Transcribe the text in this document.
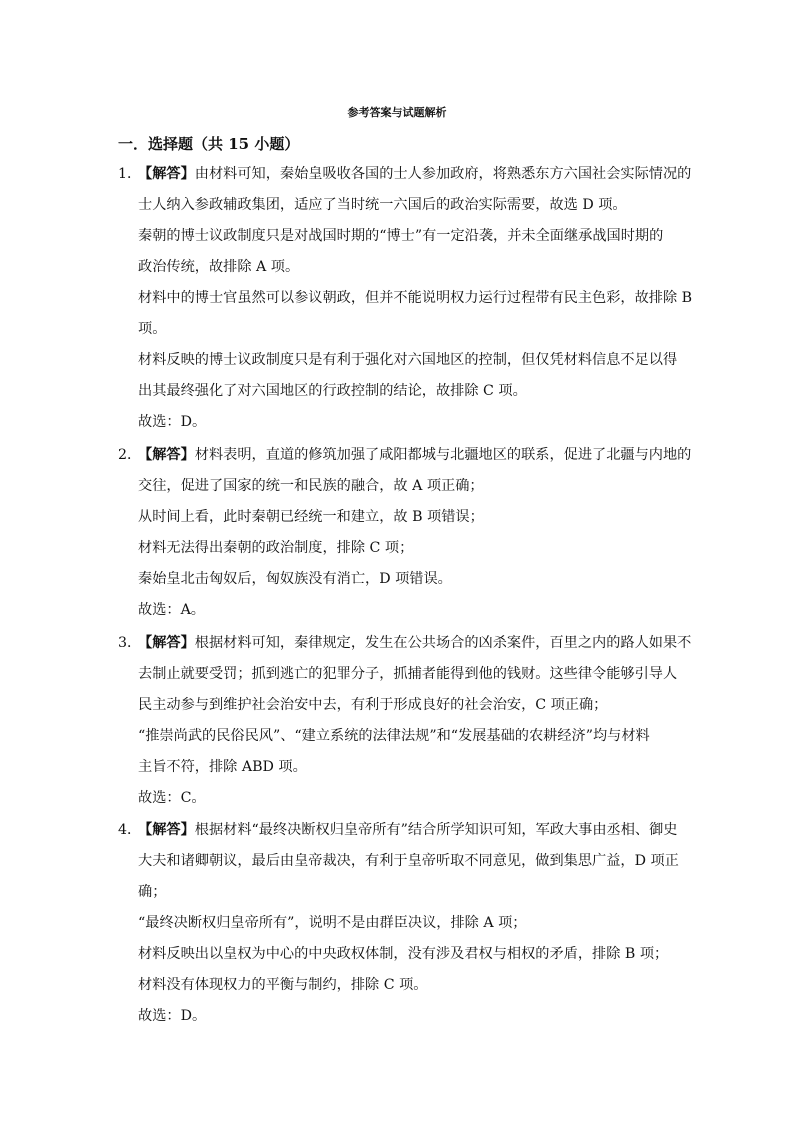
参考答案与试题解析
一．选择题（共 15 小题）
1．【解答】由材料可知，秦始皇吸收各国的士人参加政府，将熟悉东方六国社会实际情况的
士人纳入参政辅政集团，适应了当时统一六国后的政治实际需要，故选 D 项。
秦朝的博士议政制度只是对战国时期的“博士”有一定沿袭，并未全面继承战国时期的
政治传统，故排除 A 项。
材料中的博士官虽然可以参议朝政，但并不能说明权力运行过程带有民主色彩，故排除 B
项。
材料反映的博士议政制度只是有利于强化对六国地区的控制，但仅凭材料信息不足以得
出其最终强化了对六国地区的行政控制的结论，故排除 C 项。
故选：D。
2．【解答】材料表明，直道的修筑加强了咸阳都城与北疆地区的联系，促进了北疆与内地的
交往，促进了国家的统一和民族的融合，故 A 项正确；
从时间上看，此时秦朝已经统一和建立，故 B 项错误；
材料无法得出秦朝的政治制度，排除 C 项；
秦始皇北击匈奴后，匈奴族没有消亡，D 项错误。
故选：A。
3．【解答】根据材料可知，秦律规定，发生在公共场合的凶杀案件，百里之内的路人如果不
去制止就要受罚；抓到逃亡的犯罪分子，抓捕者能得到他的钱财。这些律令能够引导人
民主动参与到维护社会治安中去，有利于形成良好的社会治安，C 项正确；
“推崇尚武的民俗民风”、“建立系统的法律法规”和“发展基础的农耕经济”均与材料
主旨不符，排除 ABD 项。
故选：C。
4．【解答】根据材料“最终决断权归皇帝所有”结合所学知识可知，军政大事由丞相、御史
大夫和诸卿朝议，最后由皇帝裁决，有利于皇帝听取不同意见，做到集思广益，D 项正
确；
“最终决断权归皇帝所有”，说明不是由群臣决议，排除 A 项；
材料反映出以皇权为中心的中央政权体制，没有涉及君权与相权的矛盾，排除 B 项；
材料没有体现权力的平衡与制约，排除 C 项。
故选：D。
